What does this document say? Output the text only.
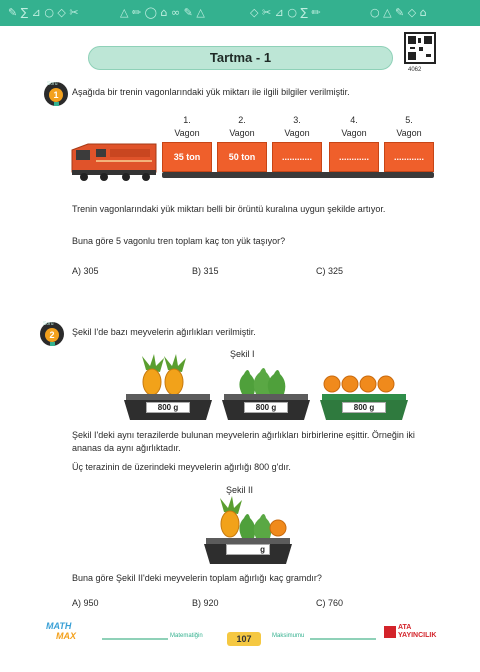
✎ ∑ ⊿ ○ ◇ ✂	△ ✏ ◯ ⌂ ∞ ✎ △	◇ ✂ ⊿ ○ ∑ ✏	○ △ ✎ ◇ ⌂
Tartma - 1
4062
Soru
1	Aşağıda bir trenin vagonlarındaki yük miktarı ile ilgili bilgiler verilmiştir.
1.
Vagon
2.
Vagon
3.
Vagon
4.
Vagon
5.
Vagon
35 ton	50 ton	............	............	............
Trenin vagonlarındaki yük miktarı belli bir örüntü kuralına uygun şekilde artıyor.
Buna göre 5 vagonlu tren toplam kaç ton yük taşıyor?
A) 305	B) 315	C) 325
Soru
2	Şekil I'de bazı meyvelerin ağırlıkları verilmiştir.
Şekil I
800 g	800 g	800 g
Şekil I'deki aynı terazilerde bulunan meyvelerin ağırlıkları birbirlerine eşittir. Örneğin iki
ananas da aynı ağırlıktadır.
Üç terazinin de üzerindeki meyvelerin ağırlığı 800 g'dır.
Şekil II
g
Buna göre Şekil II'deki meyvelerin toplam ağırlığı kaç gramdır?
A) 950	B) 920	C) 760
MATH
MAX	Matematiğin	107	Maksimumu
ATA
YAYINCILIK
